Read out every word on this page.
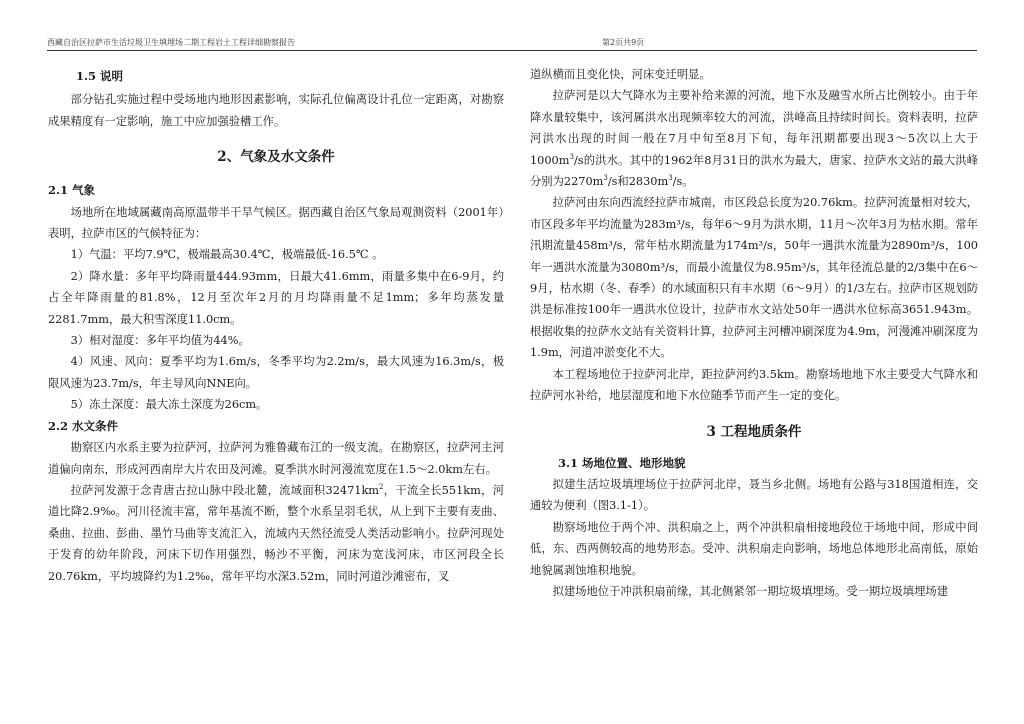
西藏自治区拉萨市生活垃圾卫生填埋场二期工程岩土工程详细勘察报告	第2页共9页

1.5 说明

部分钻孔实施过程中受场地内地形因素影响，实际孔位偏离设计孔位一定距离，对勘察成果精度有一定影响，施工中应加强验槽工作。

2、气象及水文条件

2.1 气象

场地所在地域属藏南高原温带半干旱气候区。据西藏自治区气象局观测资料（2001年）表明，拉萨市区的气候特征为：

1）气温：平均7.9℃，极端最高30.4℃，极端最低-16.5℃ 。

2）降水量：多年平均降雨量444.93mm，日最大41.6mm，雨量多集中在6-9月，约占全年降雨量的81.8%，12月至次年2月的月均降雨量不足1mm；多年均蒸发量2281.7mm，最大积雪深度11.0cm。

3）相对湿度：多年平均值为44%。

4）风速、风向：夏季平均为1.6m/s，冬季平均为2.2m/s，最大风速为16.3m/s，极限风速为23.7m/s，年主导风向NNE向。

5）冻土深度：最大冻土深度为26cm。

2.2 水文条件

勘察区内水系主要为拉萨河，拉萨河为雅鲁藏布江的一级支流。在勘察区，拉萨河主河道偏向南东，形成河西南岸大片农田及河滩。夏季洪水时河漫流宽度在1.5～2.0km左右。

拉萨河发源于念青唐古拉山脉中段北麓，流域面积$32471km^2$，干流全长551km，河道比降2.9‰。河川径流丰富，常年基流不断，整个水系呈羽毛状，从上到下主要有麦曲、桑曲、拉曲、彭曲、墨竹马曲等支流汇入，流域内天然径流受人类活动影响小。拉萨河现处于发育的幼年阶段，河床下切作用强烈，畅沙不平衡，河床为宽浅河床，市区河段全长20.76km，平均坡降约为1.2‰，常年平均水深3.52m，同时河道沙滩密布，叉

道纵横而且变化快，河床变迁明显。

拉萨河是以大气降水为主要补给来源的河流，地下水及融雪水所占比例较小。由于年降水量较集中，该河属洪水出现频率较大的河流，洪峰高且持续时间长。资料表明，拉萨河洪水出现的时间一般在7月中旬至8月下旬，每年汛期都要出现3～5次以上大于$1000m^3/s$的洪水。其中的1962年8月31日的洪水为最大，唐家、拉萨水文站的最大洪峰分别为$2270m^3/s$和$2830m^3/s$。

拉萨河由东向西流经拉萨市城南，市区段总长度为20.76km。拉萨河流量相对较大，市区段多年平均流量为283m³/s，每年6～9月为洪水期，11月～次年3月为枯水期。常年汛期流量458m³/s，常年枯水期流量为174m³/s，50年一遇洪水流量为2890m³/s，100年一遇洪水流量为3080m³/s，而最小流量仅为8.95m³/s，其年径流总量的2/3集中在6～9月，枯水期（冬、春季）的水域面积只有丰水期（6～9月）的1/3左右。拉萨市区规划防洪是标准按100年一遇洪水位设计，拉萨市水文站处50年一遇洪水位标高3651.943m。根据收集的拉萨水文站有关资料计算，拉萨河主河槽冲刷深度为4.9m，河漫滩冲刷深度为1.9m，河道冲淤变化不大。

本工程场地位于拉萨河北岸，距拉萨河约3.5km。勘察场地地下水主要受大气降水和拉萨河水补给，地层湿度和地下水位随季节而产生一定的变化。

3 工程地质条件

3.1 场地位置、地形地貌

拟建生活垃圾填埋场位于拉萨河北岸，聂当乡北侧。场地有公路与318国道相连，交通较为便利（图3.1-1）。

勘察场地位于两个冲、洪积扇之上，两个冲洪积扇相接地段位于场地中间，形成中间低，东、西两侧较高的地势形态。受冲、洪积扇走向影响，场地总体地形北高南低，原始地貌属剥蚀堆积地貌。

拟建场地位于冲洪积扇前缘，其北侧紧邻一期垃圾填埋场。受一期垃圾填埋场建
